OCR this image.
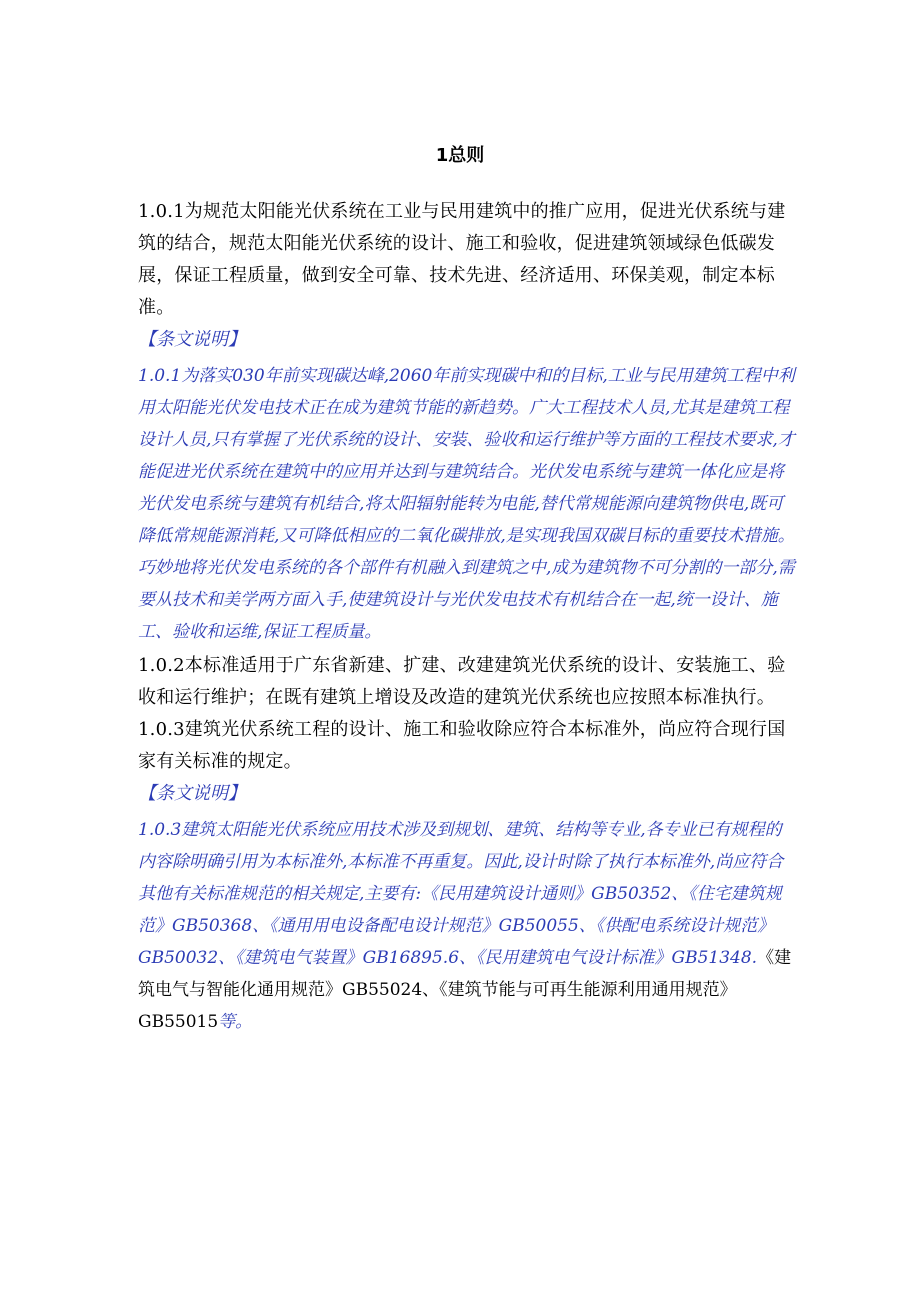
1总则

1.0.1为规范太阳能光伏系统在工业与民用建筑中的推广应用，促进光伏系统与建筑的结合，规范太阳能光伏系统的设计、施工和验收，促进建筑领域绿色低碳发展，保证工程质量，做到安全可靠、技术先进、经济适用、环保美观，制定本标准。

【条文说明】

1.0.1为落实030年前实现碳达峰,2060年前实现碳中和的目标,工业与民用建筑工程中利用太阳能光伏发电技术正在成为建筑节能的新趋势。广大工程技术人员,尤其是建筑工程设计人员,只有掌握了光伏系统的设计、安装、验收和运行维护等方面的工程技术要求,才能促进光伏系统在建筑中的应用并达到与建筑结合。光伏发电系统与建筑一体化应是将光伏发电系统与建筑有机结合,将太阳辐射能转为电能,替代常规能源向建筑物供电,既可降低常规能源消耗,又可降低相应的二氧化碳排放,是实现我国双碳目标的重要技术措施。巧妙地将光伏发电系统的各个部件有机融入到建筑之中,成为建筑物不可分割的一部分,需要从技术和美学两方面入手,使建筑设计与光伏发电技术有机结合在一起,统一设计、施工、验收和运维,保证工程质量。

1.0.2本标准适用于广东省新建、扩建、改建建筑光伏系统的设计、安装施工、验收和运行维护；在既有建筑上增设及改造的建筑光伏系统也应按照本标准执行。

1.0.3建筑光伏系统工程的设计、施工和验收除应符合本标准外，尚应符合现行国家有关标准的规定。

【条文说明】

1.0.3建筑太阳能光伏系统应用技术涉及到规划、建筑、结构等专业,各专业已有规程的内容除明确引用为本标准外,本标准不再重复。因此,设计时除了执行本标准外,尚应符合其他有关标准规范的相关规定,主要有:《民用建筑设计通则》GB50352、《住宅建筑规范》GB50368、《通用用电设备配电设计规范》GB50055、《供配电系统设计规范》GB50032、《建筑电气装置》GB16895.6、《民用建筑电气设计标准》GB51348.《建筑电气与智能化通用规范》GB55024、《建筑节能与可再生能源利用通用规范》GB55015等。
